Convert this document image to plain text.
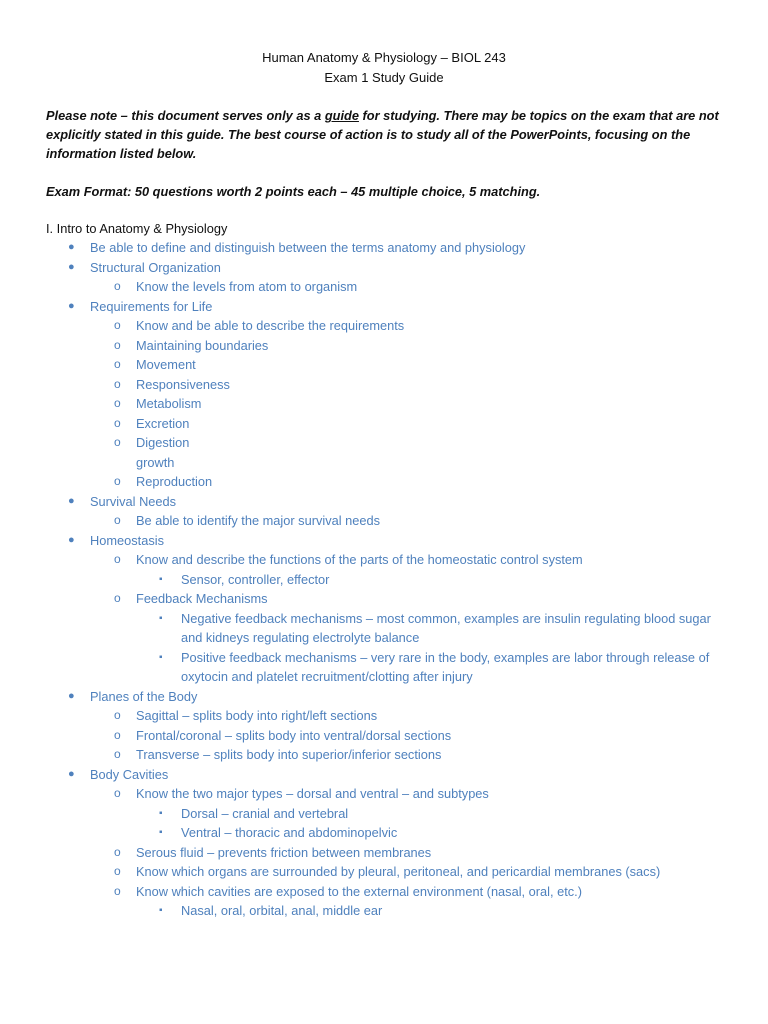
Human Anatomy & Physiology – BIOL 243
Exam 1 Study Guide
Please note – this document serves only as a guide for studying. There may be topics on the exam that are not explicitly stated in this guide. The best course of action is to study all of the PowerPoints, focusing on the information listed below.
Exam Format: 50 questions worth 2 points each – 45 multiple choice, 5 matching.
I. Intro to Anatomy & Physiology
● Be able to define and distinguish between the terms anatomy and physiology
● Structural Organization
o Know the levels from atom to organism
● Requirements for Life
o Know and be able to describe the requirements
o Maintaining boundaries
o Movement
o Responsiveness
o Metabolism
o Excretion
o Digestion
growth
o Reproduction
● Survival Needs
o Be able to identify the major survival needs
● Homeostasis
o Know and describe the functions of the parts of the homeostatic control system
▪ Sensor, controller, effector
o Feedback Mechanisms
▪ Negative feedback mechanisms – most common, examples are insulin regulating blood sugar and kidneys regulating electrolyte balance
▪ Positive feedback mechanisms – very rare in the body, examples are labor through release of oxytocin and platelet recruitment/clotting after injury
● Planes of the Body
o Sagittal – splits body into right/left sections
o Frontal/coronal – splits body into ventral/dorsal sections
o Transverse – splits body into superior/inferior sections
● Body Cavities
o Know the two major types – dorsal and ventral – and subtypes
▪ Dorsal – cranial and vertebral
▪ Ventral – thoracic and abdominopelvic
o Serous fluid – prevents friction between membranes
o Know which organs are surrounded by pleural, peritoneal, and pericardial membranes (sacs)
o Know which cavities are exposed to the external environment (nasal, oral, etc.)
▪ Nasal, oral, orbital, anal, middle ear
